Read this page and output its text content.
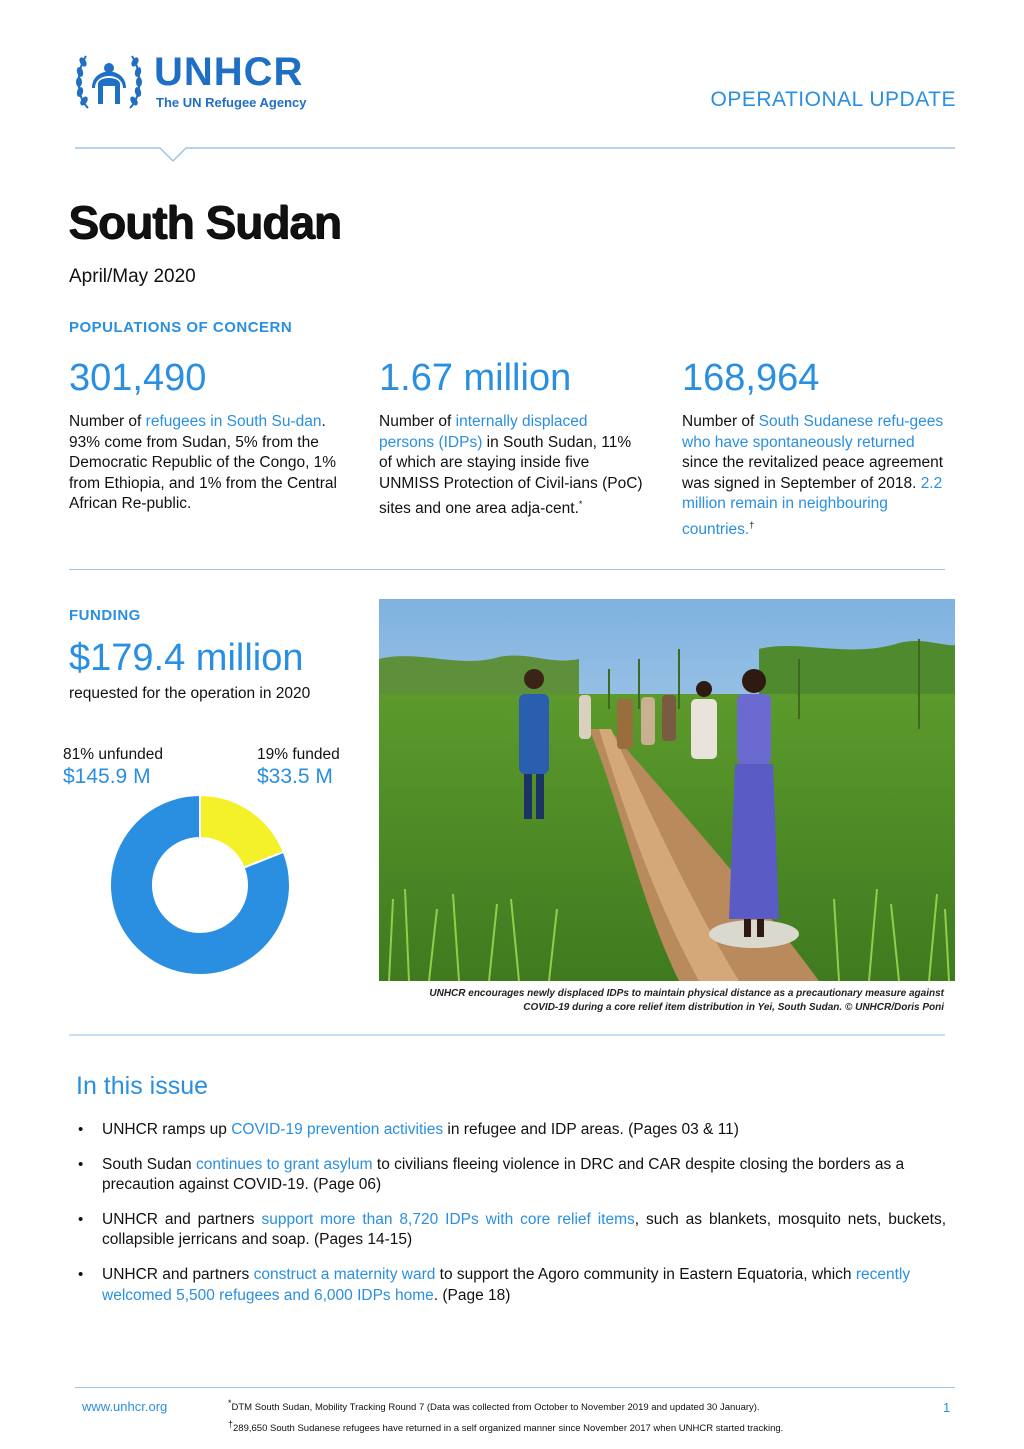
UNHCR
The UN Refugee Agency	OPERATIONAL UPDATE
South Sudan
April/May 2020
POPULATIONS OF CONCERN
301,490

Number of refugees in South Su-dan. 93% come from Sudan, 5% from the Democratic Republic of the Congo, 1% from Ethiopia, and 1% from the Central African Re-public.

1.67 million

Number of internally displaced persons (IDPs) in South Sudan, 11% of which are staying inside five UNMISS Protection of Civil-ians (PoC) sites and one area adja-cent.*

168,964

Number of South Sudanese refu-gees who have spontaneously returned since the revitalized peace agreement was signed in September of 2018. 2.2 million remain in neighbouring countries.†

FUNDING
$179.4 million
requested for the operation in 2020
81% unfunded
$145.9 M
19% funded
$33.5 M
UNHCR encourages newly displaced IDPs to maintain physical distance as a precautionary measure against
COVID-19 during a core relief item distribution in Yei, South Sudan. © UNHCR/Doris Poni
In this issue
• UNHCR ramps up COVID-19 prevention activities in refugee and IDP areas. (Pages 03 & 11)
• South Sudan continues to grant asylum to civilians fleeing violence in DRC and CAR despite closing the borders as a precaution against COVID-19. (Page 06)
• UNHCR and partners support more than 8,720 IDPs with core relief items, such as blankets, mosquito nets, buckets, collapsible jerricans and soap. (Pages 14-15)
• UNHCR and partners construct a maternity ward to support the Agoro community in Eastern Equatoria, which recently welcomed 5,500 refugees and 6,000 IDPs home. (Page 18)
www.unhcr.org	*DTM South Sudan, Mobility Tracking Round 7 (Data was collected from October to November 2019 and updated 30 January).
†289,650 South Sudanese refugees have returned in a self organized manner since November 2017 when UNHCR started tracking.
1
